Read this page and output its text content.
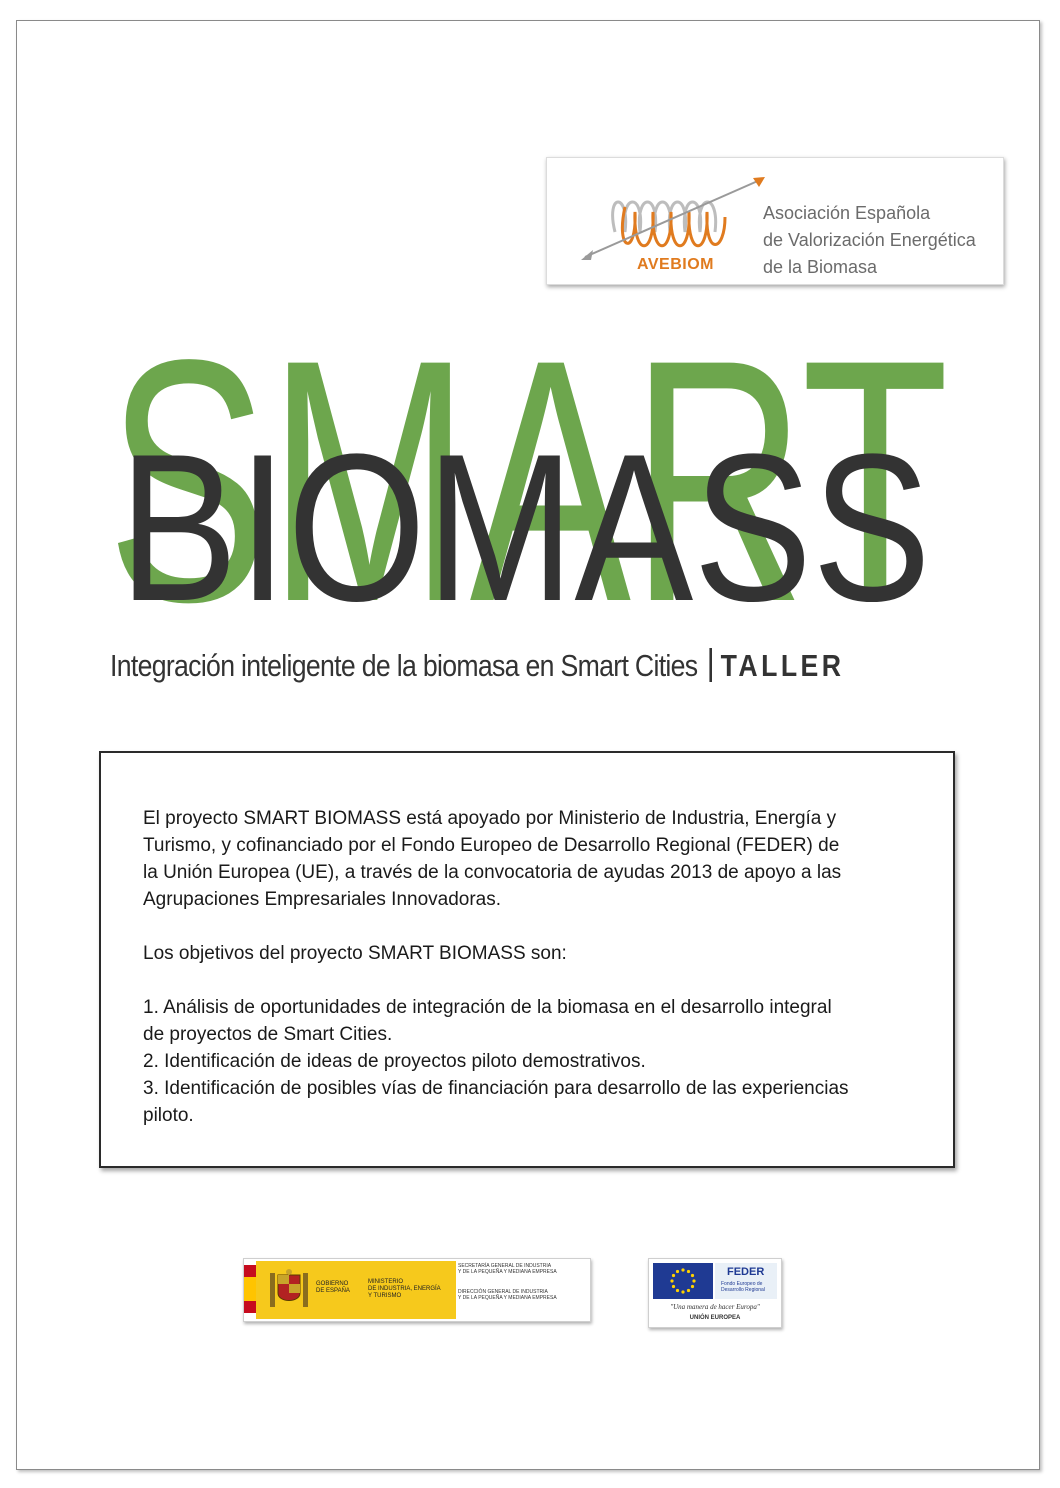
AVEBIOM
Asociación Española
de Valorización Energética
de la Biomasa
SMART
BIOMASS
Integración inteligente de la biomasa en Smart Cities TALLER

El proyecto SMART BIOMASS está apoyado por Ministerio de Industria, Energía y

Turismo, y cofinanciado por el Fondo Europeo de Desarrollo Regional (FEDER) de

la Unión Europea (UE), a través de la convocatoria de ayudas 2013 de apoyo a las

Agrupaciones Empresariales Innovadoras.

Los objetivos del proyecto SMART BIOMASS son:

1. Análisis de oportunidades de integración de la biomasa en el desarrollo integral

de proyectos de Smart Cities.

2. Identificación de ideas de proyectos piloto demostrativos.

3. Identificación de posibles vías de financiación para desarrollo de las experiencias

piloto.

GOBIERNO
DE ESPAÑA
MINISTERIO
DE INDUSTRIA, ENERGÍA
Y TURISMO
SECRETARÍA GENERAL DE INDUSTRIA
Y DE LA PEQUEÑA Y MEDIANA EMPRESA
DIRECCIÓN GENERAL DE INDUSTRIA
Y DE LA PEQUEÑA Y MEDIANA EMPRESA
FEDER
Fondo Europeo de
Desarrollo Regional
"Una manera de hacer Europa"
UNIÓN EUROPEA
